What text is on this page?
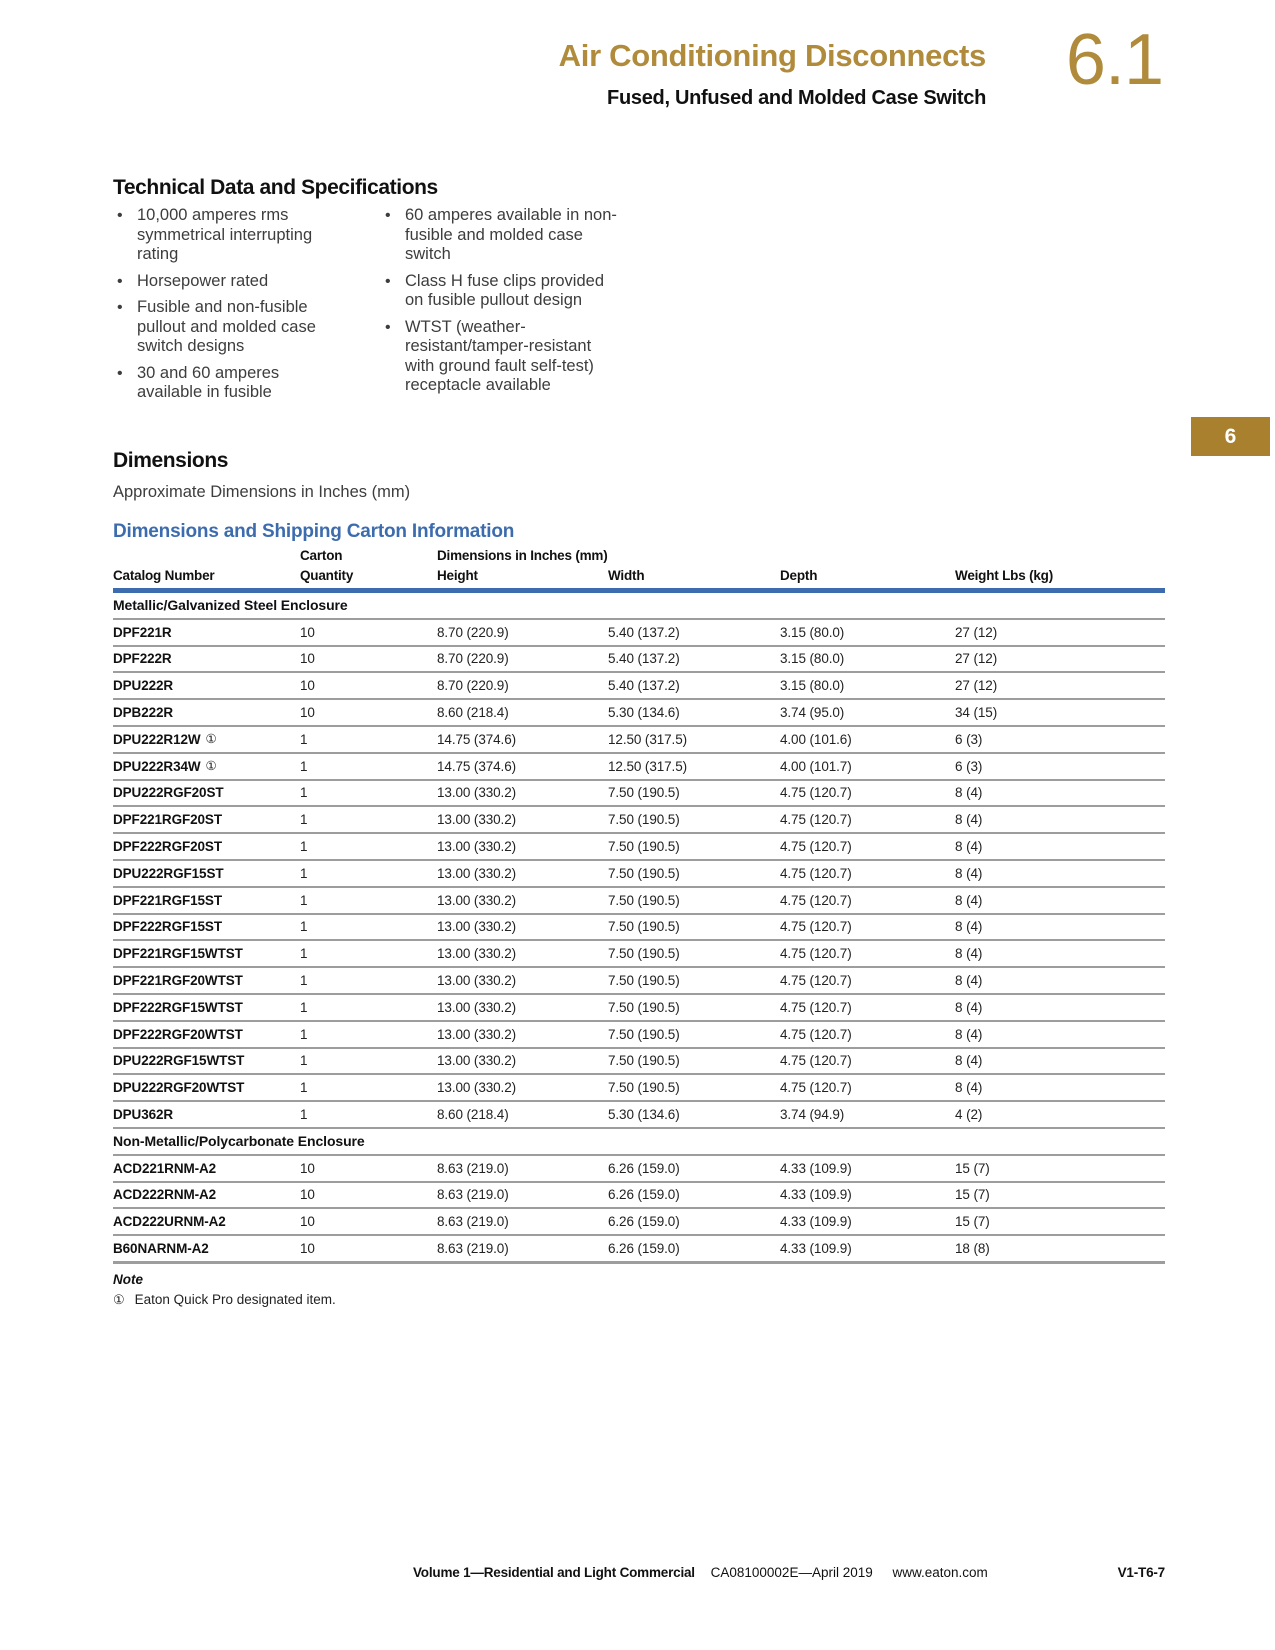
Air Conditioning Disconnects
Fused, Unfused and Molded Case Switch 6.1
6
Technical Data and Specifications
• 10,000 amperes rms symmetrical interrupting rating
• Horsepower rated
• Fusible and non-fusible pullout and molded case switch designs
• 30 and 60 amperes available in fusible
• 60 amperes available in non-fusible and molded case switch
• Class H fuse clips provided on fusible pullout design
• WTST (weather-resistant/tamper-resistant with ground fault self-test) receptacle available
Dimensions
Approximate Dimensions in Inches (mm)
Dimensions and Shipping Carton Information
	Carton	Dimensions in Inches (mm)			
Catalog Number	Quantity	Height	Width	Depth	Weight Lbs (kg)
Metallic/Galvanized Steel Enclosure					
DPF221R	10	8.70 (220.9)	5.40 (137.2)	3.15 (80.0)	27 (12)
DPF222R	10	8.70 (220.9)	5.40 (137.2)	3.15 (80.0)	27 (12)
DPU222R	10	8.70 (220.9)	5.40 (137.2)	3.15 (80.0)	27 (12)
DPB222R	10	8.60 (218.4)	5.30 (134.6)	3.74 (95.0)	34 (15)
DPU222R12W ①	1	14.75 (374.6)	12.50 (317.5)	4.00 (101.6)	6 (3)
DPU222R34W ①	1	14.75 (374.6)	12.50 (317.5)	4.00 (101.7)	6 (3)
DPU222RGF20ST	1	13.00 (330.2)	7.50 (190.5)	4.75 (120.7)	8 (4)
DPF221RGF20ST	1	13.00 (330.2)	7.50 (190.5)	4.75 (120.7)	8 (4)
DPF222RGF20ST	1	13.00 (330.2)	7.50 (190.5)	4.75 (120.7)	8 (4)
DPU222RGF15ST	1	13.00 (330.2)	7.50 (190.5)	4.75 (120.7)	8 (4)
DPF221RGF15ST	1	13.00 (330.2)	7.50 (190.5)	4.75 (120.7)	8 (4)
DPF222RGF15ST	1	13.00 (330.2)	7.50 (190.5)	4.75 (120.7)	8 (4)
DPF221RGF15WTST	1	13.00 (330.2)	7.50 (190.5)	4.75 (120.7)	8 (4)
DPF221RGF20WTST	1	13.00 (330.2)	7.50 (190.5)	4.75 (120.7)	8 (4)
DPF222RGF15WTST	1	13.00 (330.2)	7.50 (190.5)	4.75 (120.7)	8 (4)
DPF222RGF20WTST	1	13.00 (330.2)	7.50 (190.5)	4.75 (120.7)	8 (4)
DPU222RGF15WTST	1	13.00 (330.2)	7.50 (190.5)	4.75 (120.7)	8 (4)
DPU222RGF20WTST	1	13.00 (330.2)	7.50 (190.5)	4.75 (120.7)	8 (4)
DPU362R	1	8.60 (218.4)	5.30 (134.6)	3.74 (94.9)	4 (2)
Non-Metallic/Polycarbonate Enclosure					
ACD221RNM-A2	10	8.63 (219.0)	6.26 (159.0)	4.33 (109.9)	15 (7)
ACD222RNM-A2	10	8.63 (219.0)	6.26 (159.0)	4.33 (109.9)	15 (7)
ACD222URNM-A2	10	8.63 (219.0)	6.26 (159.0)	4.33 (109.9)	15 (7)
B60NARNM-A2	10	8.63 (219.0)	6.26 (159.0)	4.33 (109.9)	18 (8)
Note
① Eaton Quick Pro designated item.
Volume 1—Residential and Light Commercial CA08100002E—April 2019 www.eaton.com	V1-T6-7
